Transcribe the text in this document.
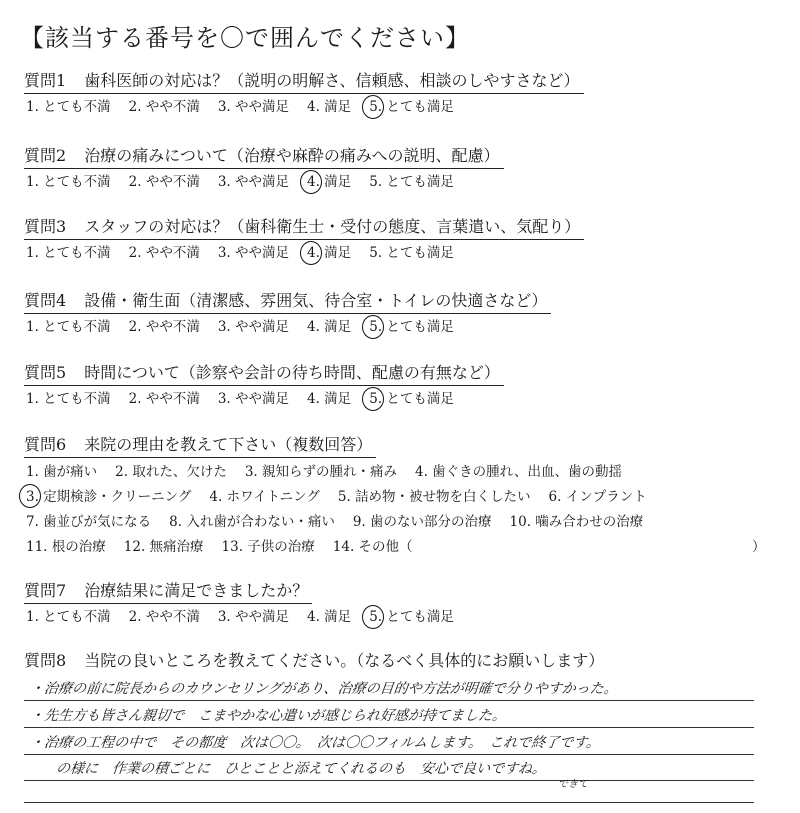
【該当する番号を〇で囲んでください】
質問1 歯科医師の対応は？（説明の明解さ、信頼感、相談のしやすさなど）
1. とても不満 2. やや不満 3. やや満足 4. 満足 5. とても満足
質問2 治療の痛みについて（治療や麻酔の痛みへの説明、配慮）
1. とても不満 2. やや不満 3. やや満足 4. 満足 5. とても満足
質問3 スタッフの対応は？（歯科衛生士・受付の態度、言葉遣い、気配り）
1. とても不満 2. やや不満 3. やや満足 4. 満足 5. とても満足
質問4 設備・衛生面（清潔感、雰囲気、待合室・トイレの快適さなど）
1. とても不満 2. やや不満 3. やや満足 4. 満足 5. とても満足
質問5 時間について（診察や会計の待ち時間、配慮の有無など）
1. とても不満 2. やや不満 3. やや満足 4. 満足 5. とても満足
質問6 来院の理由を教えて下さい（複数回答）
1. 歯が痛い 2. 取れた、欠けた 3. 親知らずの腫れ・痛み 4. 歯ぐきの腫れ、出血、歯の動揺
3. 定期検診・クリーニング 4. ホワイトニング 5. 詰め物・被せ物を白くしたい 6. インプラント
7. 歯並びが気になる 8. 入れ歯が合わない・痛い 9. 歯のない部分の治療 10. 噛み合わせの治療
11. 根の治療 12. 無痛治療 13. 子供の治療 14. その他（	）
質問7 治療結果に満足できましたか？
1. とても不満 2. やや不満 3. やや満足 4. 満足 5. とても満足
質問8 当院の良いところを教えてください。（なるべく具体的にお願いします）
・治療の前に院長からのカウンセリングがあり、治療の目的や方法が明確で分りやすかった。
・先生方も皆さん親切で　こまやかな心遣いが感じられ好感が持てました。
・治療の工程の中で　その都度　次は〇〇。　次は〇〇フィルムします。　これで終了です。
の様に　作業の積ごとに　ひとことと添えてくれるのも　安心で良いですね。
できて
